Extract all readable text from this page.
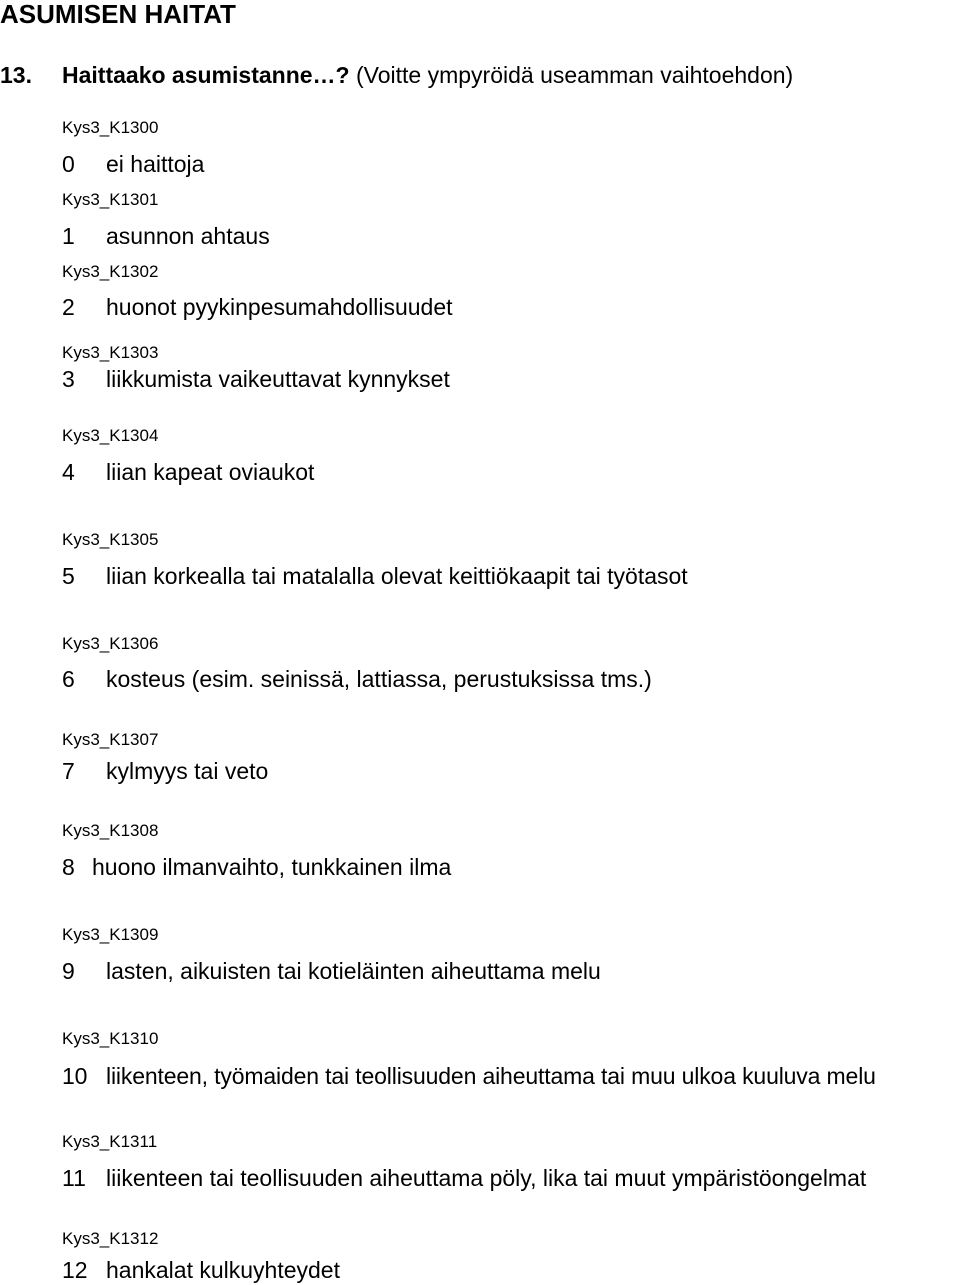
ASUMISEN HAITAT
13. Haittaako asumistanne…? (Voitte ympyröidä useamman vaihtoehdon)
Kys3_K1300
0 ei haittoja
Kys3_K1301
1 asunnon ahtaus
Kys3_K1302
2 huonot pyykinpesumahdollisuudet
Kys3_K1303
3 liikkumista vaikeuttavat kynnykset
Kys3_K1304
4 liian kapeat oviaukot
Kys3_K1305
5 liian korkealla tai matalalla olevat keittiökaapit tai työtasot
Kys3_K1306
6 kosteus (esim. seinissä, lattiassa, perustuksissa tms.)
Kys3_K1307
7 kylmyys tai veto
Kys3_K1308
8 huono ilmanvaihto, tunkkainen ilma
Kys3_K1309
9 lasten, aikuisten tai kotieläinten aiheuttama melu
Kys3_K1310
10 liikenteen, työmaiden tai teollisuuden aiheuttama tai muu ulkoa kuuluva melu
Kys3_K1311
11 liikenteen tai teollisuuden aiheuttama pöly, lika tai muut ympäristöongelmat
Kys3_K1312
12 hankalat kulkuyhteydet
